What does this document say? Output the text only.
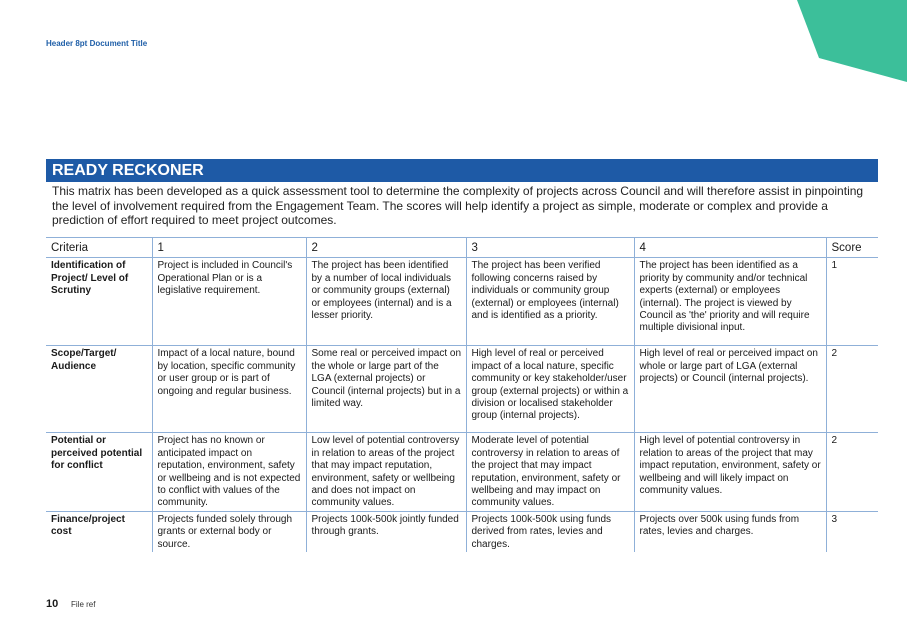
Header 8pt Document Title
READY RECKONER
This matrix has been developed as a quick assessment tool to determine the complexity of projects across Council and will therefore assist in pinpointing the level of involvement required from the Engagement Team. The scores will help identify a project as simple, moderate or complex and provide a prediction of effort required to meet project outcomes.
Criteria	1	2	3	4	Score
Identification of Project/ Level of Scrutiny	Project is included in Council's Operational Plan or is a legislative requirement.	The project has been identified by a number of local individuals or community groups (external) or employees (internal) and is a lesser priority.	The project has been verified following concerns raised by individuals or community group (external) or employees (internal) and is identified as a priority.	The project has been identified as a priority by community and/or technical experts (external) or employees (internal). The project is viewed by Council as 'the' priority and will require multiple divisional input.	1
Scope/Target/ Audience	Impact of a local nature, bound by location, specific community or user group or is part of ongoing and regular business.	Some real or perceived impact on the whole or large part of the LGA (external projects) or Council (internal projects) but in a limited way.	High level of real or perceived impact of a local nature, specific community or key stakeholder/user group (external projects) or within a division or localised stakeholder group (internal projects).	High level of real or perceived impact on whole or large part of LGA (external projects) or Council (internal projects).	2
Potential or perceived potential for conflict	Project has no known or anticipated impact on reputation, environment, safety or wellbeing and is not expected to conflict with values of the community.	Low level of potential controversy in relation to areas of the project that may impact reputation, environment, safety or wellbeing and does not impact on community values.	Moderate level of potential controversy in relation to areas of the project that may impact reputation, environment, safety or wellbeing and may impact on community values.	High level of potential controversy in relation to areas of the project that may impact reputation, environment, safety or wellbeing and will likely impact on community values.	2
Finance/project cost	Projects funded solely through grants or external body or source.	Projects 100k-500k jointly funded through grants.	Projects 100k-500k using funds derived from rates, levies and charges.	Projects over 500k using funds from rates, levies and charges.	3
10 File ref
